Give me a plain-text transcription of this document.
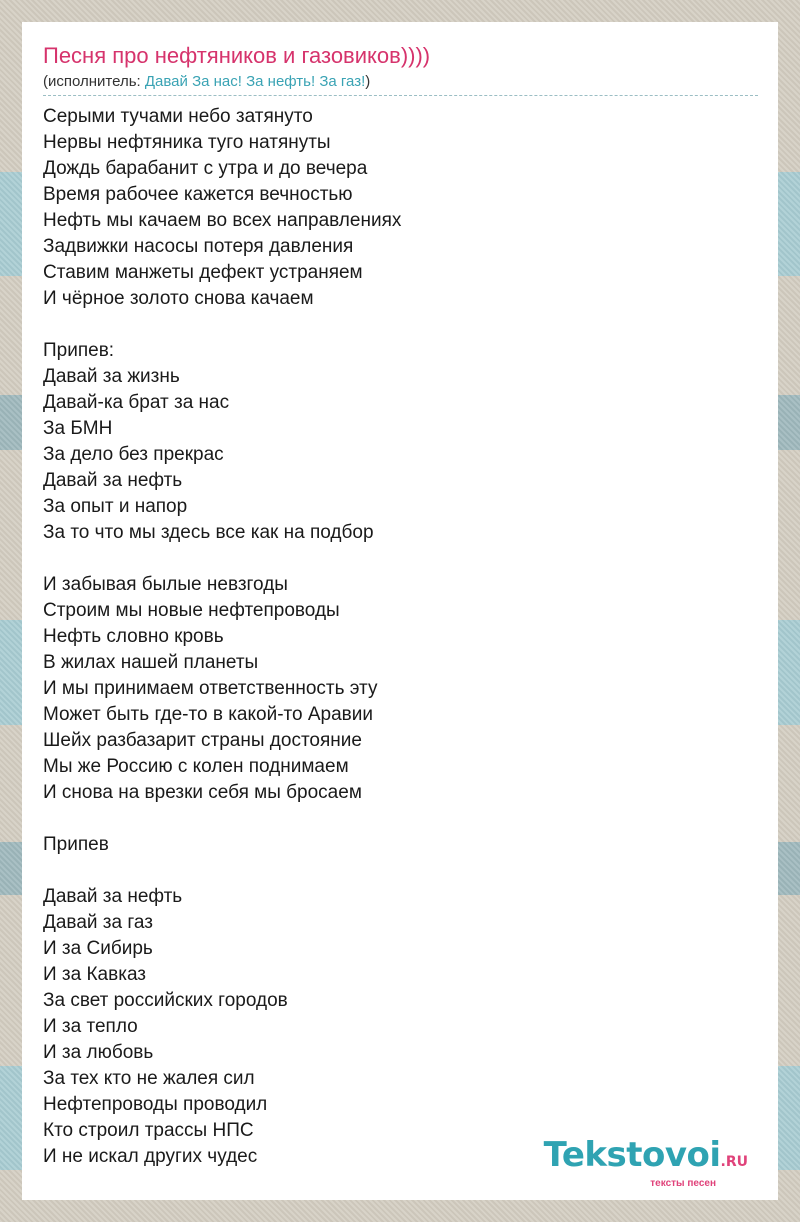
Песня про нефтяников и газовиков))))
(исполнитель: Давай За нас! За нефть! За газ!)
Серыми тучами небо затянуто
Нервы нефтяника туго натянуты
Дождь барабанит с утра и до вечера
Время рабочее кажется вечностью
Нефть мы качаем во всех направлениях
Задвижки насосы потеря давления
Ставим манжеты дефект устраняем
И чёрное золото снова качаем
Припев:
Давай за жизнь
Давай-ка брат за нас
За БМН
За дело без прекрас
Давай за нефть
За опыт и напор
За то что мы здесь все как на подбор
И забывая былые невзгоды
Строим мы новые нефтепроводы
Нефть словно кровь
В жилах нашей планеты
И мы принимаем ответственность эту
Может быть где-то в какой-то Аравии
Шейх разбазарит страны достояние
Мы же Россию с колен поднимаем
И снова на врезки себя мы бросаем
Припев
Давай за нефть
Давай за газ
И за Сибирь
И за Кавказ
За свет российских городов
И за тепло
И за любовь
За тех кто не жалея сил
Нефтепроводы проводил
Кто строил трассы НПС
И не искал других чудес	Tekstovoi.RU
тексты песен
